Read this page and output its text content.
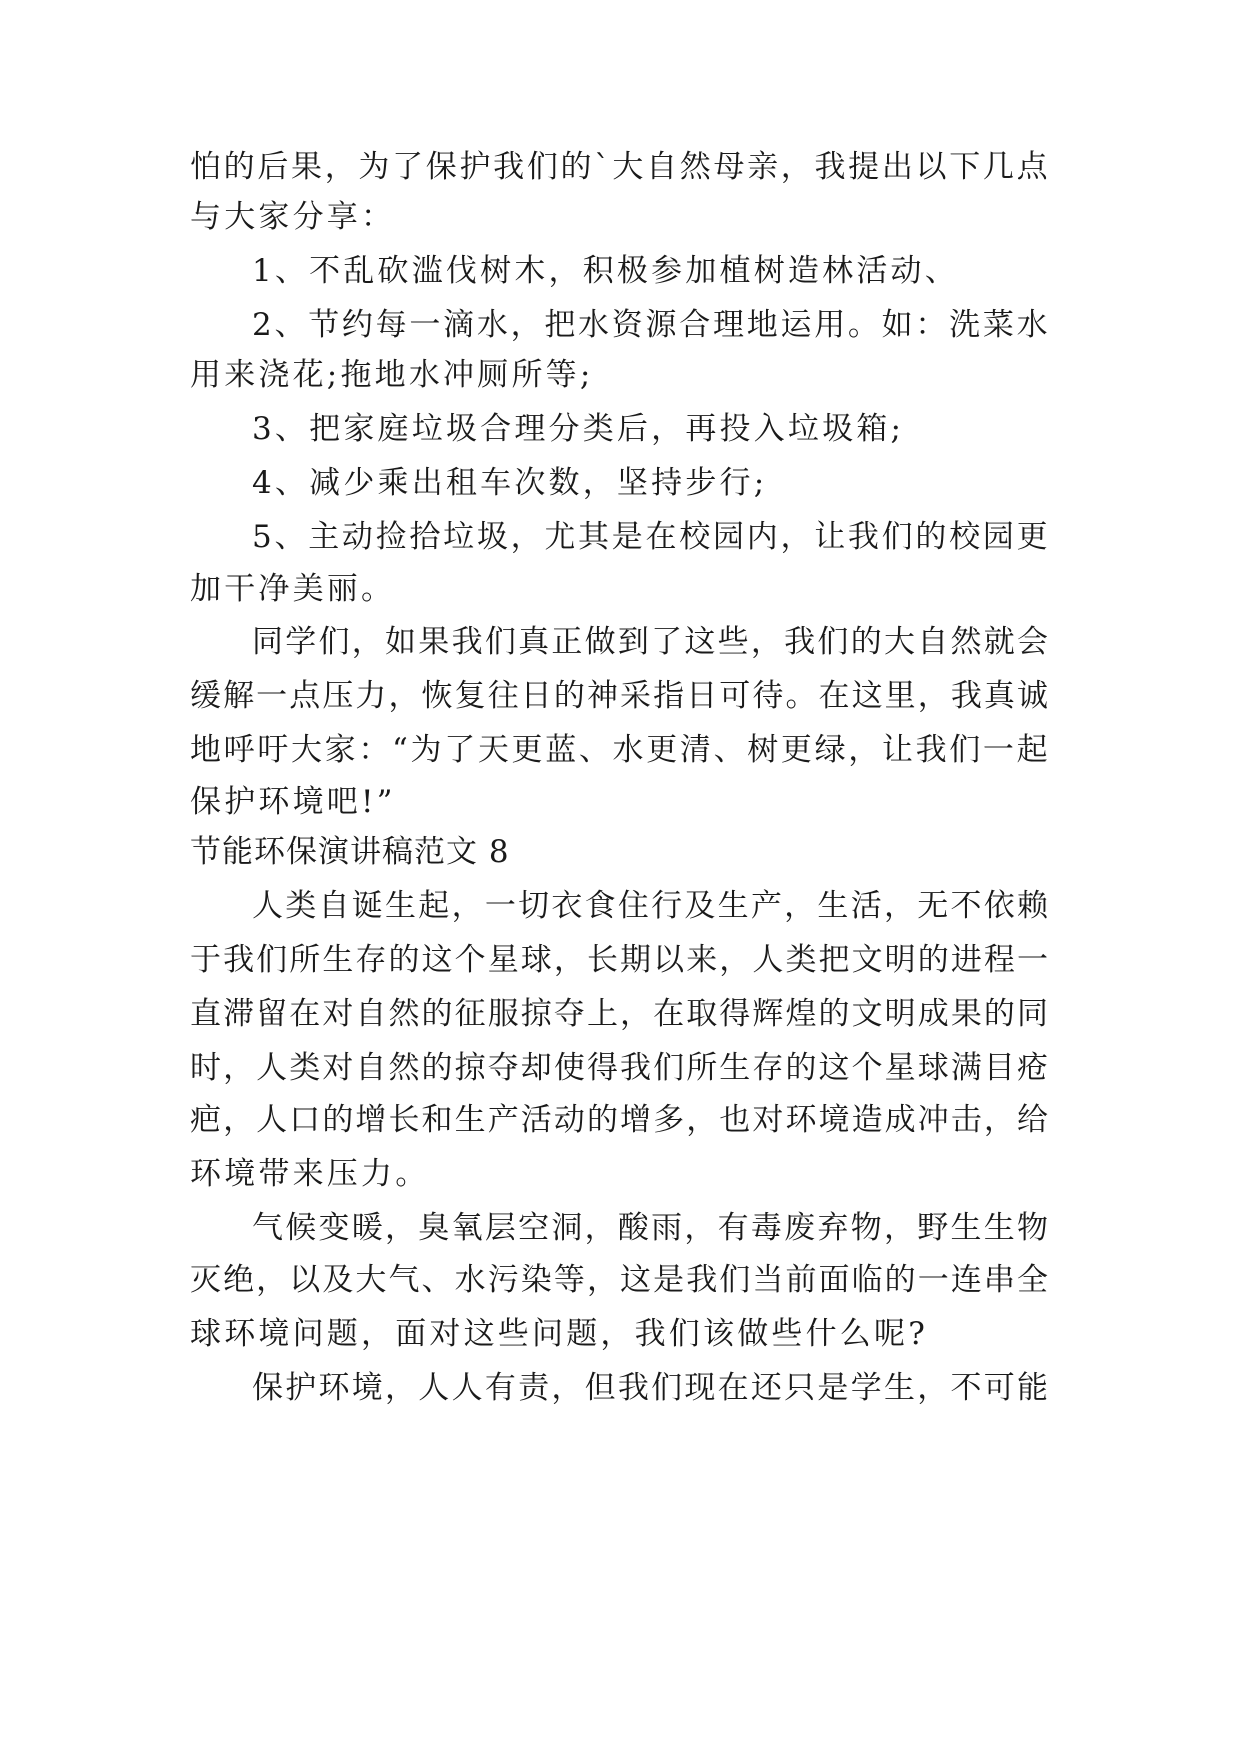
怕的后果，为了保护我们的`大自然母亲，我提出以下几点

与大家分享：

1、不乱砍滥伐树木，积极参加植树造林活动、

2、节约每一滴水，把水资源合理地运用。如：洗菜水

用来浇花;拖地水冲厕所等;

3、把家庭垃圾合理分类后，再投入垃圾箱;

4、减少乘出租车次数，坚持步行;

5、主动捡拾垃圾，尤其是在校园内，让我们的校园更

加干净美丽。

同学们，如果我们真正做到了这些，我们的大自然就会

缓解一点压力，恢复往日的神采指日可待。在这里，我真诚

地呼吁大家：“为了天更蓝、水更清、树更绿，让我们一起

保护环境吧!”

节能环保演讲稿范文 8

人类自诞生起，一切衣食住行及生产，生活，无不依赖

于我们所生存的这个星球，长期以来，人类把文明的进程一

直滞留在对自然的征服掠夺上，在取得辉煌的文明成果的同

时，人类对自然的掠夺却使得我们所生存的这个星球满目疮

疤，人口的增长和生产活动的增多，也对环境造成冲击，给

环境带来压力。

气候变暖，臭氧层空洞，酸雨，有毒废弃物，野生生物

灭绝，以及大气、水污染等，这是我们当前面临的一连串全

球环境问题，面对这些问题，我们该做些什么呢?

保护环境，人人有责，但我们现在还只是学生，不可能
